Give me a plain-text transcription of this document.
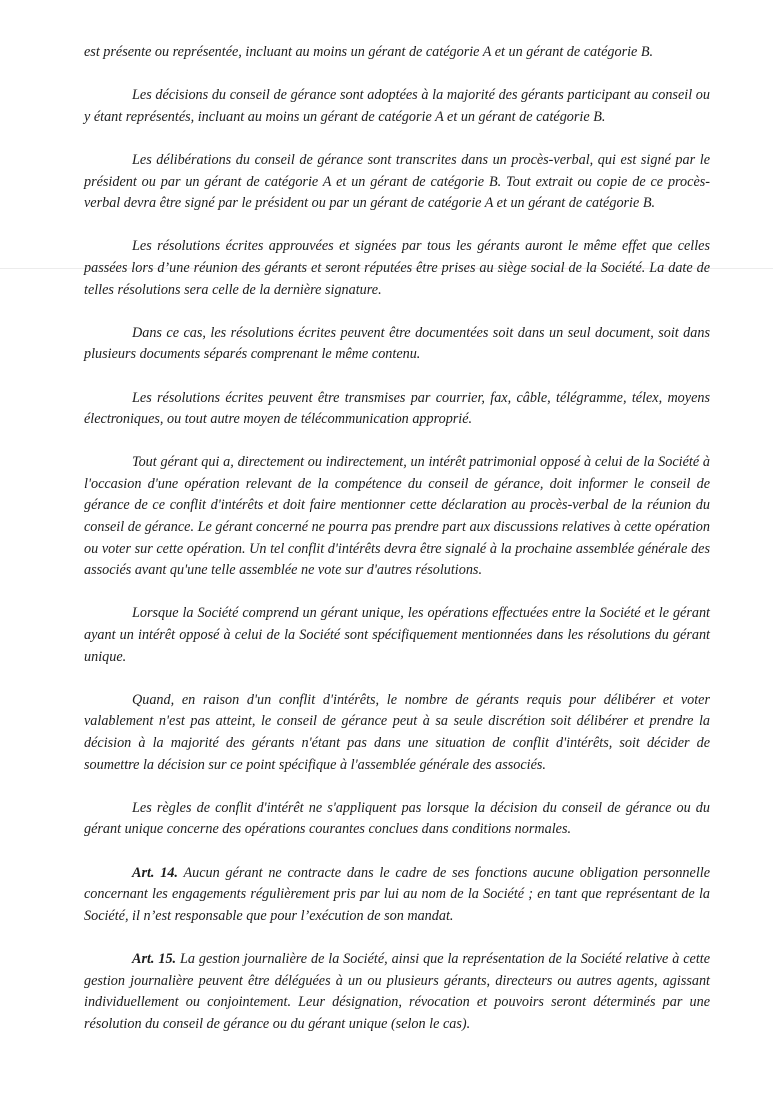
est présente ou représentée, incluant au moins un gérant de catégorie A et un gérant de catégorie B.

Les décisions du conseil de gérance sont adoptées à la majorité des gérants participant au conseil ou y étant représentés, incluant au moins un gérant de catégorie A et un gérant de catégorie B.

Les délibérations du conseil de gérance sont transcrites dans un procès-verbal, qui est signé par le président ou par un gérant de catégorie A et un gérant de catégorie B. Tout extrait ou copie de ce procès-verbal devra être signé par le président ou par un gérant de catégorie A et un gérant de catégorie B.

Les résolutions écrites approuvées et signées par tous les gérants auront le même effet que celles passées lors d’une réunion des gérants et seront réputées être prises au siège social de la Société. La date de telles résolutions sera celle de la dernière signature.

Dans ce cas, les résolutions écrites peuvent être documentées soit dans un seul document, soit dans plusieurs documents séparés comprenant le même contenu.

Les résolutions écrites peuvent être transmises par courrier, fax, câble, télégramme, télex, moyens électroniques, ou tout autre moyen de télécommunication approprié.

Tout gérant qui a, directement ou indirectement, un intérêt patrimonial opposé à celui de la Société à l'occasion d'une opération relevant de la compétence du conseil de gérance, doit informer le conseil de gérance de ce conflit d'intérêts et doit faire mentionner cette déclaration au procès-verbal de la réunion du conseil de gérance. Le gérant concerné ne pourra pas prendre part aux discussions relatives à cette opération ou voter sur cette opération. Un tel conflit d'intérêts devra être signalé à la prochaine assemblée générale des associés avant qu'une telle assemblée ne vote sur d'autres résolutions.

Lorsque la Société comprend un gérant unique, les opérations effectuées entre la Société et le gérant ayant un intérêt opposé à celui de la Société sont spécifiquement mentionnées dans les résolutions du gérant unique.

Quand, en raison d'un conflit d'intérêts, le nombre de gérants requis pour délibérer et voter valablement n'est pas atteint, le conseil de gérance peut à sa seule discrétion soit délibérer et prendre la décision à la majorité des gérants n'étant pas dans une situation de conflit d'intérêts, soit décider de soumettre la décision sur ce point spécifique à l'assemblée générale des associés.

Les règles de conflit d'intérêt ne s'appliquent pas lorsque la décision du conseil de gérance ou du gérant unique concerne des opérations courantes conclues dans conditions normales.

Art. 14. Aucun gérant ne contracte dans le cadre de ses fonctions aucune obligation personnelle concernant les engagements régulièrement pris par lui au nom de la Société ; en tant que représentant de la Société, il n’est responsable que pour l’exécution de son mandat.

Art. 15. La gestion journalière de la Société, ainsi que la représentation de la Société relative à cette gestion journalière peuvent être déléguées à un ou plusieurs gérants, directeurs ou autres agents, agissant individuellement ou conjointement. Leur désignation, révocation et pouvoirs seront déterminés par une résolution du conseil de gérance ou du gérant unique (selon le cas).
